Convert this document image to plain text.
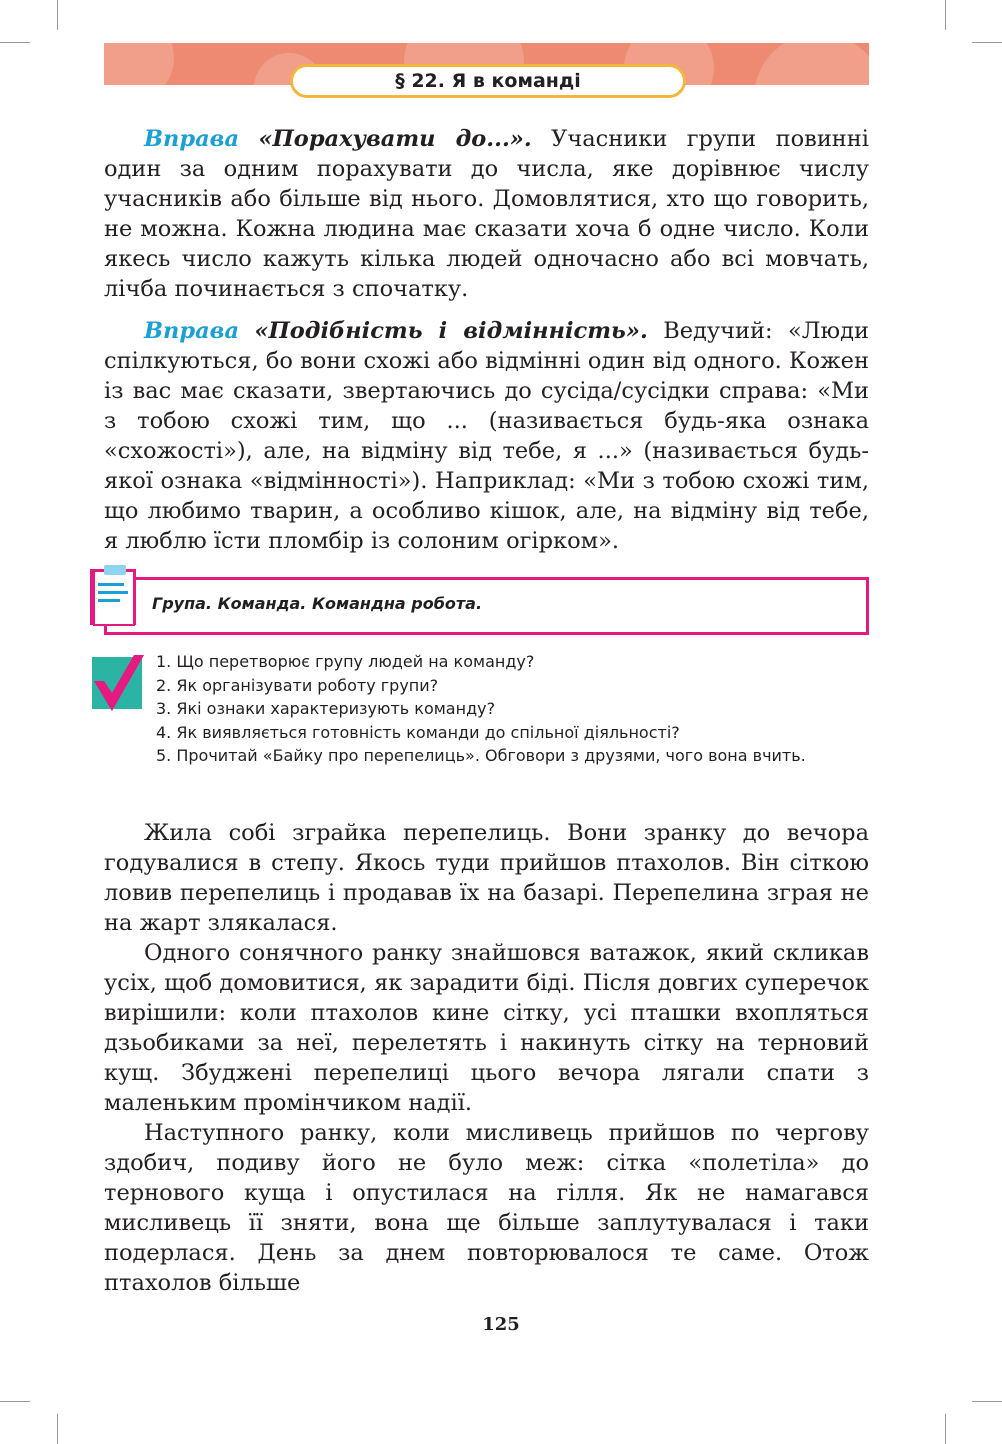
§ 22. Я в команді

Вправа «Порахувати до...». Учасники групи повинні один за одним порахувати до числа, яке дорівнює числу учасників або більше від нього. Домовлятися, хто що говорить, не можна. Кожна людина має сказати хоча б одне число. Коли якесь число кажуть кілька людей одночасно або всі мовчать, лічба починається з спочатку.

Вправа «Подібність і відмінність». Ведучий: «Люди спілкуються, бо вони схожі або відмінні один від одного. Кожен із вас має сказати, звертаючись до сусіда/сусідки справа: «Ми з тобою схожі тим, що ... (називається будь-яка ознака «схожості»), але, на відміну від тебе, я ...» (називається будь-якої ознака «відмінності»). Наприклад: «Ми з тобою схожі тим, що любимо тварин, а особливо кішок, але, на відміну від тебе, я люблю їсти пломбір із солоним огірком».

Група. Команда. Командна робота.
1. Що перетворює групу людей на команду?
2. Як організувати роботу групи?
3. Які ознаки характеризують команду?
4. Як виявляється готовність команди до спільної діяльності?
5. Прочитай «Байку про перепелиць». Обговори з друзями, чого вона вчить.

Жила собі зграйка перепелиць. Вони зранку до вечора годувалися в степу. Якось туди прийшов птахолов. Він сіткою ловив перепелиць і продавав їх на базарі. Перепелина зграя не на жарт злякалася.

Одного сонячного ранку знайшовся ватажок, який скликав усіх, щоб домовитися, як зарадити біді. Після довгих суперечок вирішили: коли птахолов кине сітку, усі пташки вхопляться дзьобиками за неї, перелетять і накинуть сітку на терновий кущ. Збуджені перепелиці цього вечора лягали спати з маленьким промінчиком надії.

Наступного ранку, коли мисливець прийшов по чергову здобич, подиву його не було меж: сітка «полетіла» до тернового куща і опустилася на гілля. Як не намагався мисливець її зняти, вона ще більше заплутувалася і таки подерлася. День за днем повторювалося те саме. Отож птахолов більше

125
